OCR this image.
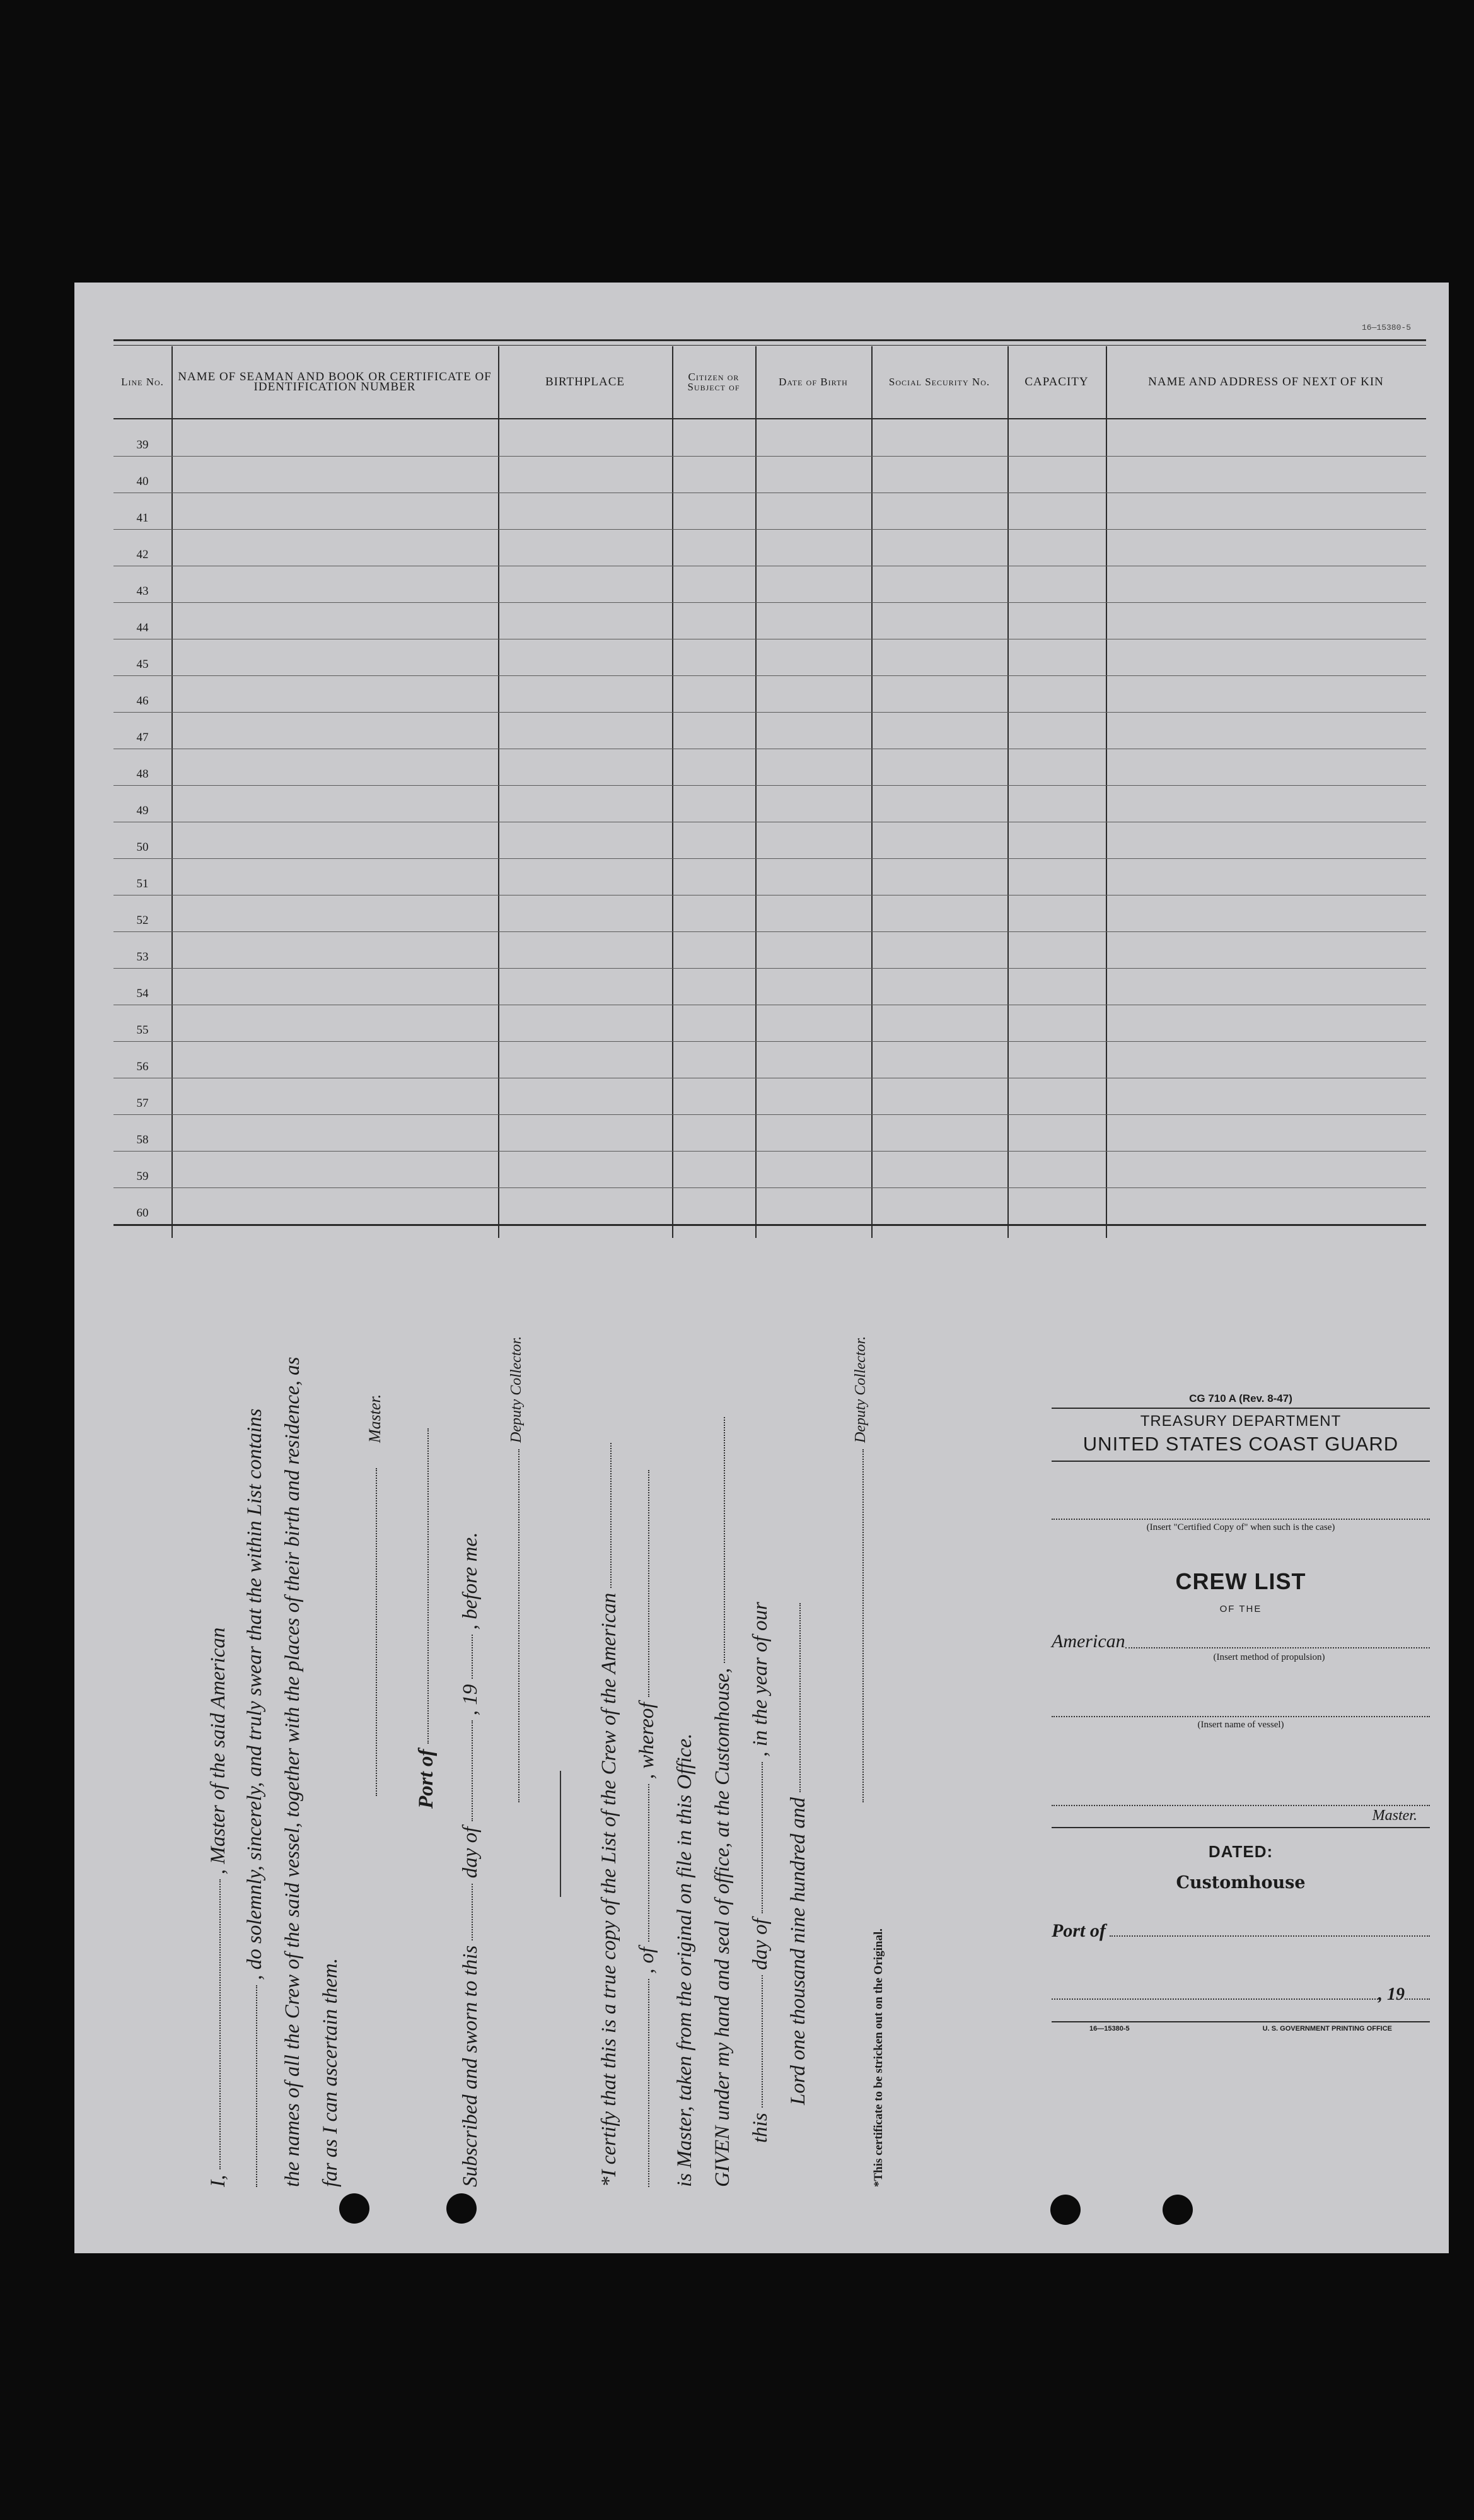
16—15380-5
Line No.	NAME OF SEAMAN AND BOOK OR CERTIFICATE OF IDENTIFICATION NUMBER	BIRTHPLACE	Citizen or Subject of	Date of Birth	Social Security No.	CAPACITY	NAME AND ADDRESS OF NEXT OF KIN
39
40
41
42
43
44
45
46
47
48
49
50
51
52
53
54
55
56
57
58
59
60
I,  , Master of the said American , do solemnly, sincerely, and truly swear that the within List contains the names of all the Crew of the said vessel, together with the places of their birth and residence, as far as I can ascertain them.
Master.
Port of
Subscribed and sworn to this  day of  , 19  , before me.
Deputy Collector.
*I certify that this is a true copy of the List of the Crew of the American , of  , whereof is Master, taken from the original on file in this Office. GIVEN under my hand and seal of office, at the Customhouse, this  day of  , in the year of our
Lord one thousand nine hundred and
Deputy Collector.
*This certificate to be stricken out on the Original.
CG 710 A (Rev. 8-47)
TREASURY DEPARTMENT
UNITED STATES COAST GUARD
(Insert "Certified Copy of" when such is the case)
CREW LIST
OF THE
American
(Insert method of propulsion)
(Insert name of vessel)
Master.
DATED:
Customhouse
Port of
, 19
16—15380-5	U. S. GOVERNMENT PRINTING OFFICE
